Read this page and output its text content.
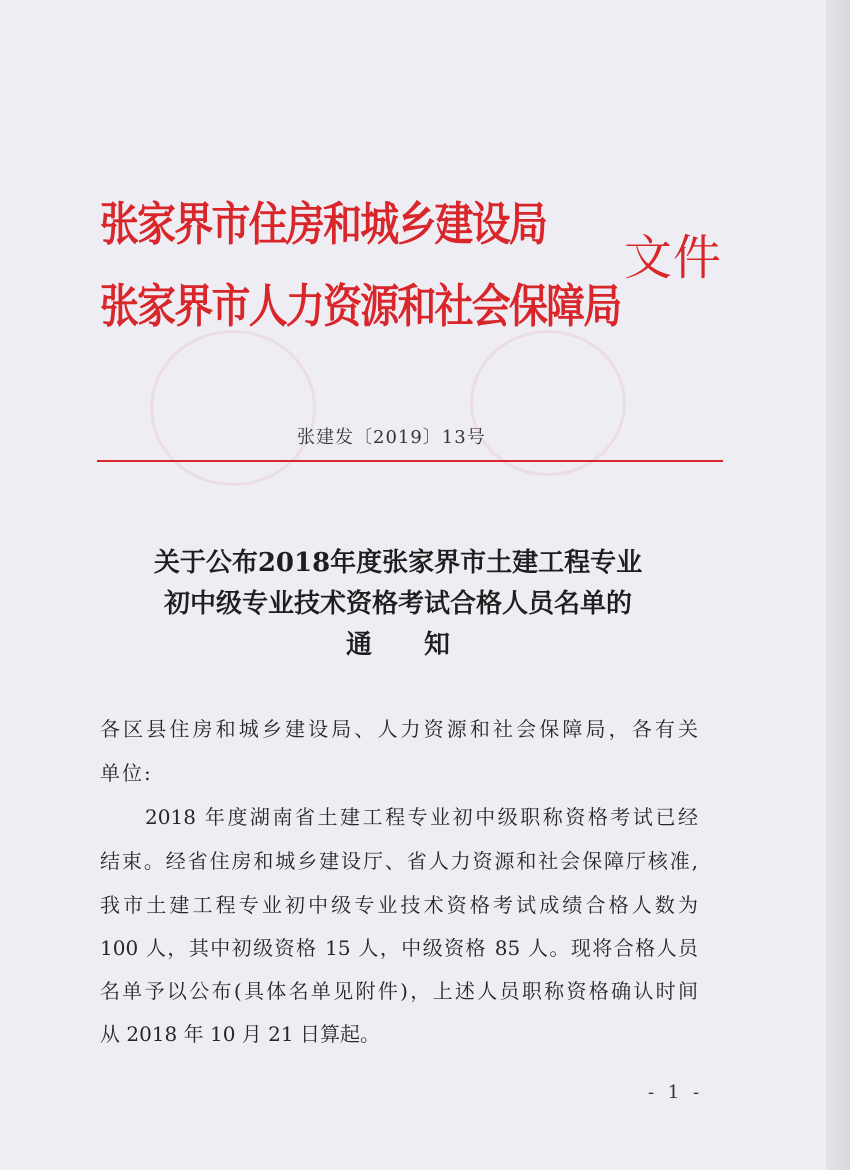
张家界市住房和城乡建设局
张家界市人力资源和社会保障局
文件
张建发〔2019〕13号
关于公布2018年度张家界市土建工程专业
初中级专业技术资格考试合格人员名单的
通　　知
各区县住房和城乡建设局、人力资源和社会保障局，各有关
单位:
　　2018 年度湖南省土建工程专业初中级职称资格考试已经
结束。经省住房和城乡建设厅、省人力资源和社会保障厅核准,
我市土建工程专业初中级专业技术资格考试成绩合格人数为
100 人，其中初级资格 15 人，中级资格 85 人。现将合格人员
名单予以公布(具体名单见附件)，上述人员职称资格确认时间
从 2018 年 10 月 21 日算起。
- 1 -
